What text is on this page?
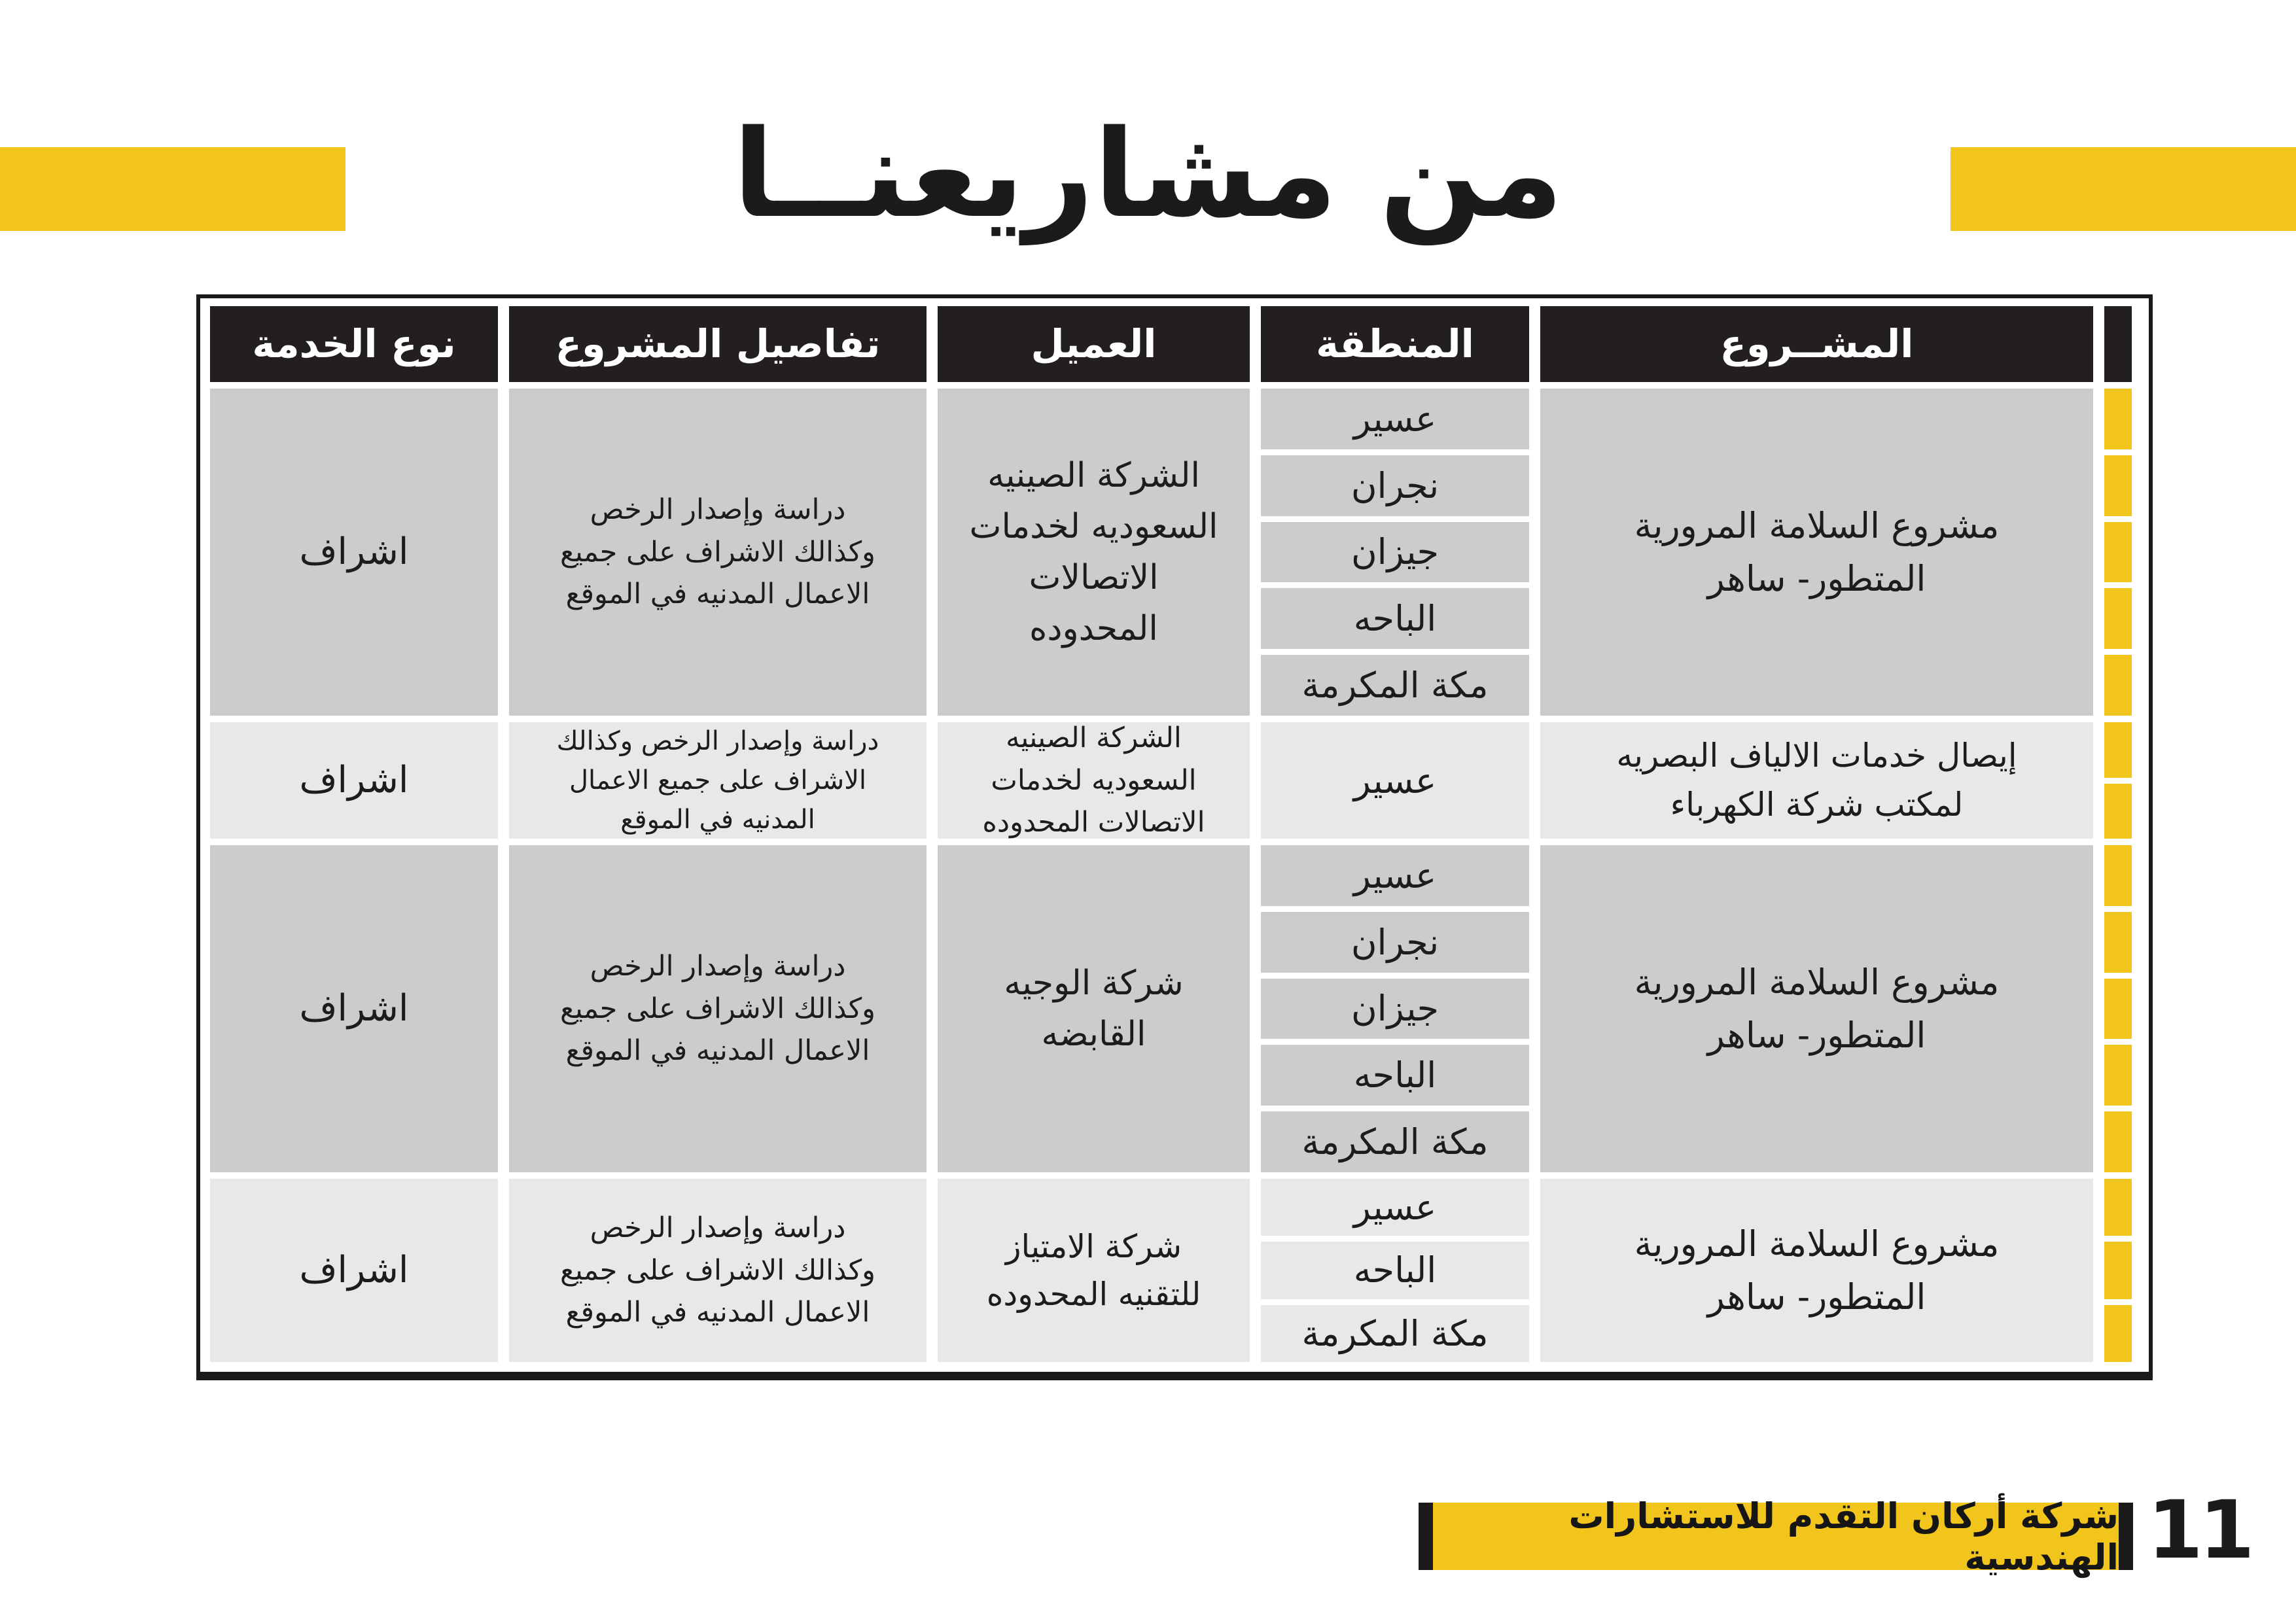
من مشاريعنــا
المشــروع
المنطقة
العميل
تفاصيل المشروع
نوع الخدمة
مشروع السلامة المرورية المتطور- ساهر
عسير
نجران
جيزان
الباحه
مكة المكرمة
الشركة الصينيه السعوديه لخدمات الاتصالات المحدوده
دراسة وإصدار الرخص وكذالك الاشراف على جميع الاعمال المدنيه في الموقع
اشراف
إيصال خدمات الالياف البصريه لمكتب شركة الكهرباء
عسير
الشركة الصينيه السعوديه لخدمات الاتصالات المحدوده
دراسة وإصدار الرخص وكذالك الاشراف على جميع الاعمال المدنيه في الموقع
اشراف
مشروع السلامة المرورية المتطور- ساهر
عسير
نجران
جيزان
الباحه
مكة المكرمة
شركة الوجيه القابضه
دراسة وإصدار الرخص وكذالك الاشراف على جميع الاعمال المدنيه في الموقع
اشراف
مشروع السلامة المرورية المتطور- ساهر
عسير
الباحه
مكة المكرمة
شركة الامتياز للتقنيه المحدوده
دراسة وإصدار الرخص وكذالك الاشراف على جميع الاعمال المدنيه في الموقع
اشراف
شركة أركان التقدم للاستشارات الهندسية 11
